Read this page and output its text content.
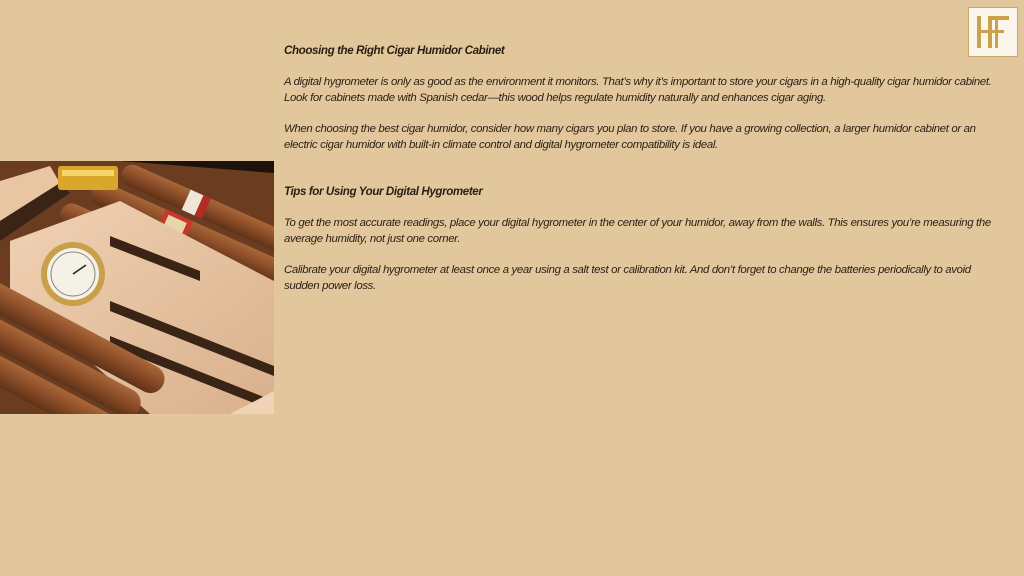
Choosing the Right Cigar Humidor Cabinet

A digital hygrometer is only as good as the environment it monitors. That’s why it’s important to store your cigars in a high-quality cigar humidor cabinet. Look for cabinets made with Spanish cedar—this wood helps regulate humidity naturally and enhances cigar aging.

When choosing the best cigar humidor, consider how many cigars you plan to store. If you have a growing collection, a larger humidor cabinet or an electric cigar humidor with built-in climate control and digital hygrometer compatibility is ideal.

Tips for Using Your Digital Hygrometer

To get the most accurate readings, place your digital hygrometer in the center of your humidor, away from the walls. This ensures you’re measuring the average humidity, not just one corner.

Calibrate your digital hygrometer at least once a year using a salt test or calibration kit. And don’t forget to change the batteries periodically to avoid sudden power loss.
